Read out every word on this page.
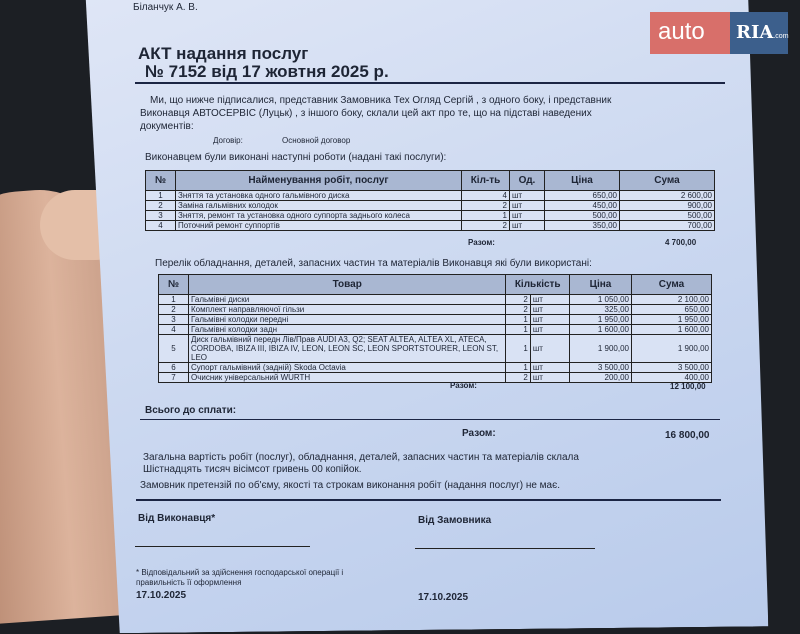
Біланчук А. В.
АКТ надання послуг
№ 7152 від 17 жовтня 2025 р.
Ми, що нижче підписалися, представник Замовника Тех Огляд Сергій , з одного боку, і представник
Виконавця АВТОСЕРВІС (Луцьк) , з іншого боку, склали цей акт про те, що на підставі наведених
документів:
Договір:	Основной договор
Виконавцем були виконані наступні роботи (надані такі послуги):
№	Найменування робіт, послуг	Кіл-ть	Од.	Ціна	Сума
1	Зняття та установка одного гальмівного диска	4	шт	650,00	2 600,00
2	Заміна гальмівних колодок	2	шт	450,00	900,00
3	Зняття, ремонт та установка одного суппорта заднього колеса	1	шт	500,00	500,00
4	Поточний ремонт суппортів	2	шт	350,00	700,00
Разом:	4 700,00
Перелік обладнання, деталей, запасних частин та матеріалів Виконавця які були використані:
№	Товар	Кількість		Ціна	Сума
1	Гальмівні диски	2	шт	1 050,00	2 100,00
2	Комплект направляючої гільзи	2	шт	325,00	650,00
3	Гальмівні колодки передні	1	шт	1 950,00	1 950,00
4	Гальмівні колодки задн	1	шт	1 600,00	1 600,00
5	Диск гальмівний передн Лів/Прав AUDI A3, Q2; SEAT ALTEA, ALTEA XL, ATECA, CORDOBA, IBIZA III, IBIZA IV, LEON, LEON SC, LEON SPORTSTOURER, LEON ST, LEO	1	шт	1 900,00	1 900,00
6	Супорт гальмівний (задній) Skoda Octavia	1	шт	3 500,00	3 500,00
7	Очисник універсальний WURTH	2	шт	200,00	400,00
Разом:	12 100,00
Всього до сплати:
Разом:	16 800,00
Загальна вартість робіт (послуг), обладнання, деталей, запасних частин та матеріалів склала
Шістнадцять тисяч вісімсот гривень 00 копійок.
Замовник претензій по об'єму, якості та строкам виконання робіт (надання послуг) не має.
Від Виконавця*	Від Замовника
* Відповідальний за здійснення господарської операції і
правильність її оформлення
17.10.2025	17.10.2025
auto	RIA.com
